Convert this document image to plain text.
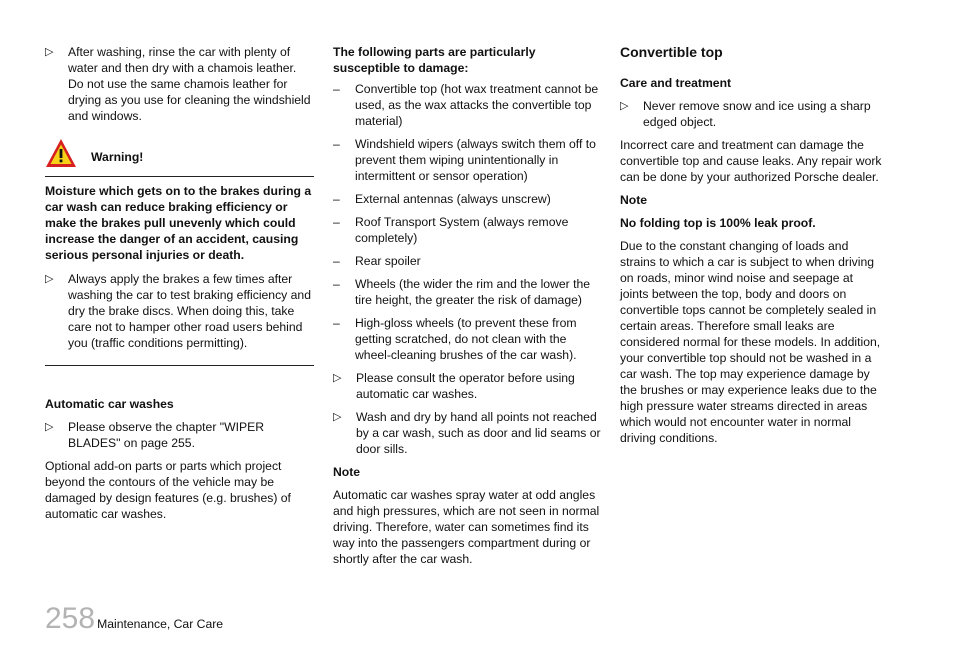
▷ After washing, rinse the car with plenty of water and then dry with a chamois leather. Do not use the same chamois leather for drying as you use for cleaning the windshield and windows.

Warning!

Moisture which gets on to the brakes during a car wash can reduce braking efficiency or make the brakes pull unevenly which could increase the danger of an accident, causing serious personal injuries or death.

▷ Always apply the brakes a few times after washing the car to test braking efficiency and dry the brake discs. When doing this, take care not to hamper other road users behind you (traffic conditions permitting).

Automatic car washes

▷ Please observe the chapter "WIPER BLADES" on page 255.

Optional add-on parts or parts which project beyond the contours of the vehicle may be damaged by design features (e.g. brushes) of automatic car washes.

The following parts are particularly susceptible to damage:

– Convertible top (hot wax treatment cannot be used, as the wax attacks the convertible top material)

– Windshield wipers (always switch them off to prevent them wiping unintentionally in intermittent or sensor operation)

– External antennas (always unscrew)

– Roof Transport System (always remove completely)

– Rear spoiler

– Wheels (the wider the rim and the lower the tire height, the greater the risk of damage)

– High-gloss wheels (to prevent these from getting scratched, do not clean with the wheel-cleaning brushes of the car wash).

▷ Please consult the operator before using automatic car washes.

▷ Wash and dry by hand all points not reached by a car wash, such as door and lid seams or door sills.

Note

Automatic car washes spray water at odd angles and high pressures, which are not seen in normal driving. Therefore, water can sometimes find its way into the passengers compartment during or shortly after the car wash.

Convertible top

Care and treatment

▷ Never remove snow and ice using a sharp edged object.

Incorrect care and treatment can damage the convertible top and cause leaks. Any repair work can be done by your authorized Porsche dealer.

Note

No folding top is 100% leak proof.

Due to the constant changing of loads and strains to which a car is subject to when driving on roads, minor wind noise and seepage at joints between the top, body and doors on convertible tops cannot be completely sealed in certain areas. Therefore small leaks are considered normal for these models. In addition, your convertible top should not be washed in a car wash. The top may experience damage by the brushes or may experience leaks due to the high pressure water streams directed in areas which would not encounter water in normal driving conditions.

258 Maintenance, Car Care
